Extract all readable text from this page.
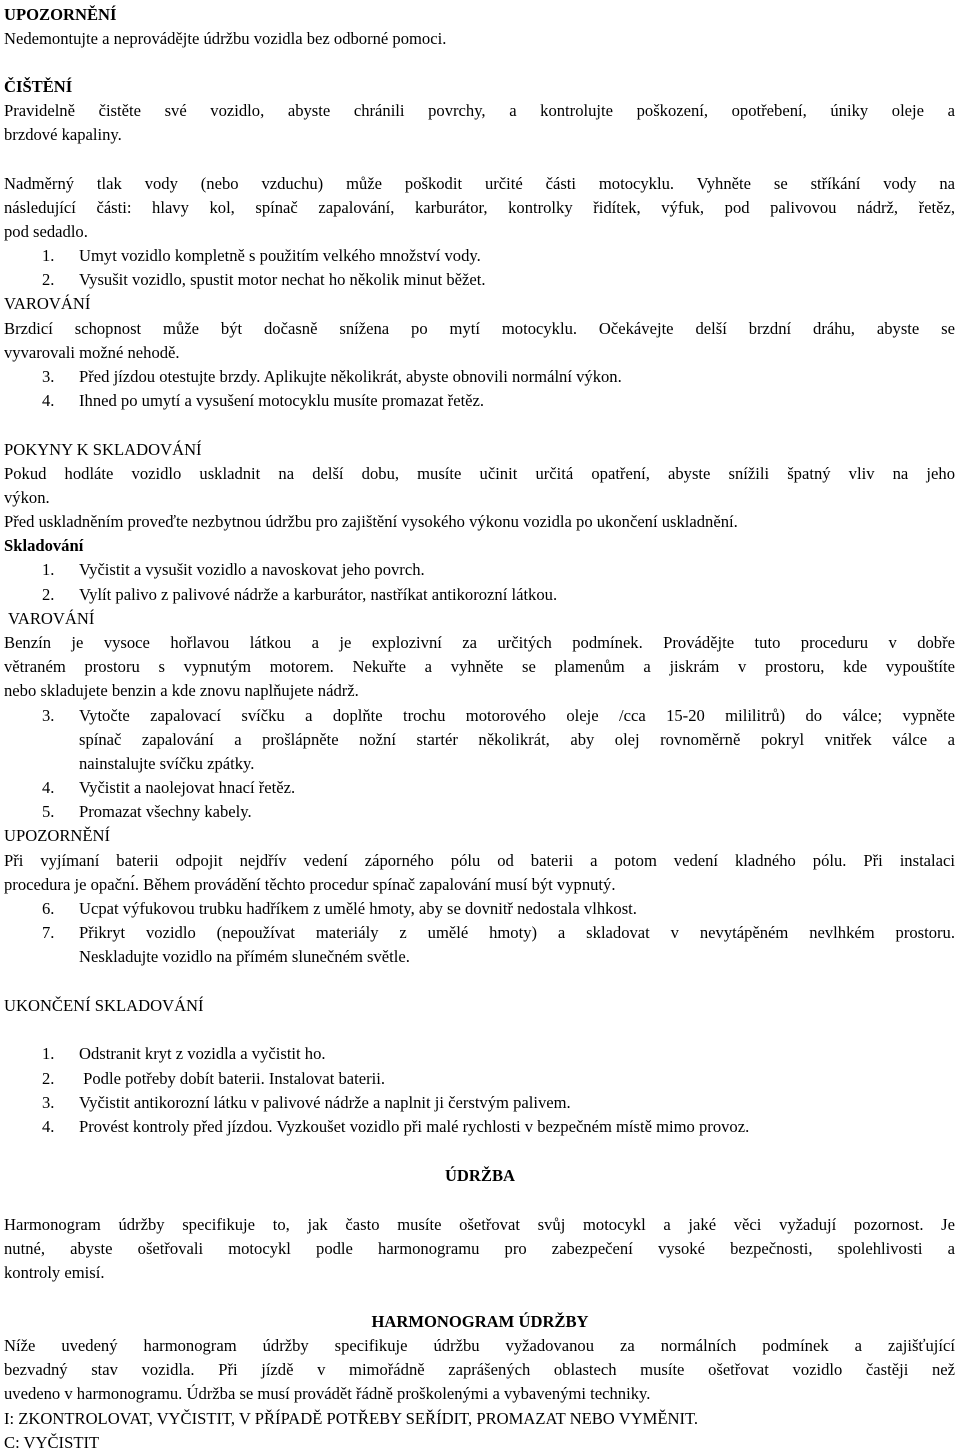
UPOZORNĚNÍ
Nedemontujte a neprovádějte údržbu vozidla bez odborné pomoci.
ČIŠTĚNÍ
Pravidelně čistěte své vozidlo, abyste chránili povrchy, a kontrolujte poškození, opotřebení, úniky oleje a
brzdové kapaliny.
Nadměrný tlak vody (nebo vzduchu) může poškodit určité části motocyklu. Vyhněte se stříkání vody na
následující části: hlavy kol, spínač zapalování, karburátor, kontrolky řidítek, výfuk, pod palivovou nádrž, řetěz,
pod sedadlo.
1. Umyt vozidlo kompletně s použitím velkého množství vody.
2. Vysušit vozidlo, spustit motor nechat ho několik minut běžet.
VAROVÁNÍ
Brzdicí schopnost může být dočasně snížena po mytí motocyklu. Očekávejte delší brzdní dráhu, abyste se
vyvarovali možné nehodě.
3. Před jízdou otestujte brzdy. Aplikujte několikrát, abyste obnovili normální výkon.
4. Ihned po umytí a vysušení motocyklu musíte promazat řetěz.
POKYNY K SKLADOVÁNÍ
Pokud hodláte vozidlo uskladnit na delší dobu, musíte učinit určitá opatření, abyste snížili špatný vliv na jeho
výkon.
Před uskladněním proveďte nezbytnou údržbu pro zajištění vysokého výkonu vozidla po ukončení uskladnění.
Skladování
1. Vyčistit a vysušit vozidlo a navoskovat jeho povrch.
2. Vylít palivo z palivové nádrže a karburátor, nastříkat antikorozní látkou.
VAROVÁNÍ
Benzín je vysoce hořlavou látkou a je explozivní za určitých podmínek. Provádějte tuto proceduru v dobře
větraném prostoru s vypnutým motorem. Nekuřte a vyhněte se plamenům a jiskrám v prostoru, kde vypouštíte
nebo skladujete benzin a kde znovu naplňujete nádrž.
3. Vytočte zapalovací svíčku a doplňte trochu motorového oleje /cca 15-20 mililitrů) do válce; vypněte
spínač zapalování a prošlápněte nožní startér několikrát, aby olej rovnoměrně pokryl vnitřek válce a
nainstalujte svíčku zpátky.
4. Vyčistit a naolejovat hnací řetěz.
5. Promazat všechny kabely.
UPOZORNĚNÍ
Při vyjímaní baterii odpojit nejdřív vedení záporného pólu od baterii a potom vedení kladného pólu. Při instalaci
procedura je opačnı́. Během provádění těchto procedur spínač zapalování musí být vypnutý.
6. Ucpat výfukovou trubku hadříkem z umělé hmoty, aby se dovnitř nedostala vlhkost.
7. Přikryt vozidlo (nepoužívat materiály z umělé hmoty) a skladovat v nevytápěném nevlhkém prostoru.
Neskladujte vozidlo na přímém slunečném světle.
UKONČENÍ SKLADOVÁNÍ
1. Odstranit kryt z vozidla a vyčistit ho.
2. Podle potřeby dobít baterii. Instalovat baterii.
3. Vyčistit antikorozní látku v palivové nádrže a naplnit ji čerstvým palivem.
4. Provést kontroly před jízdou. Vyzkoušet vozidlo při malé rychlosti v bezpečném místě mimo provoz.
ÚDRŽBA
Harmonogram údržby specifikuje to, jak často musíte ošetřovat svůj motocykl a jaké věci vyžadují pozornost. Je
nutné, abyste ošetřovali motocykl podle harmonogramu pro zabezpečení vysoké bezpečnosti, spolehlivosti a
kontroly emisí.
HARMONOGRAM ÚDRŽBY
Níže uvedený harmonogram údržby specifikuje údržbu vyžadovanou za normálních podmínek a zajišťující
bezvadný stav vozidla. Při jízdě v mimořádně zaprášených oblastech musíte ošetřovat vozidlo častěji než
uvedeno v harmonogramu. Údržba se musí provádět řádně proškolenými a vybavenými techniky.
I: ZKONTROLOVAT, VYČISTIT, V PŘÍPADĚ POTŘEBY SEŘÍDIT, PROMAZAT NEBO VYMĚNIT.
C: VYČISTIT
